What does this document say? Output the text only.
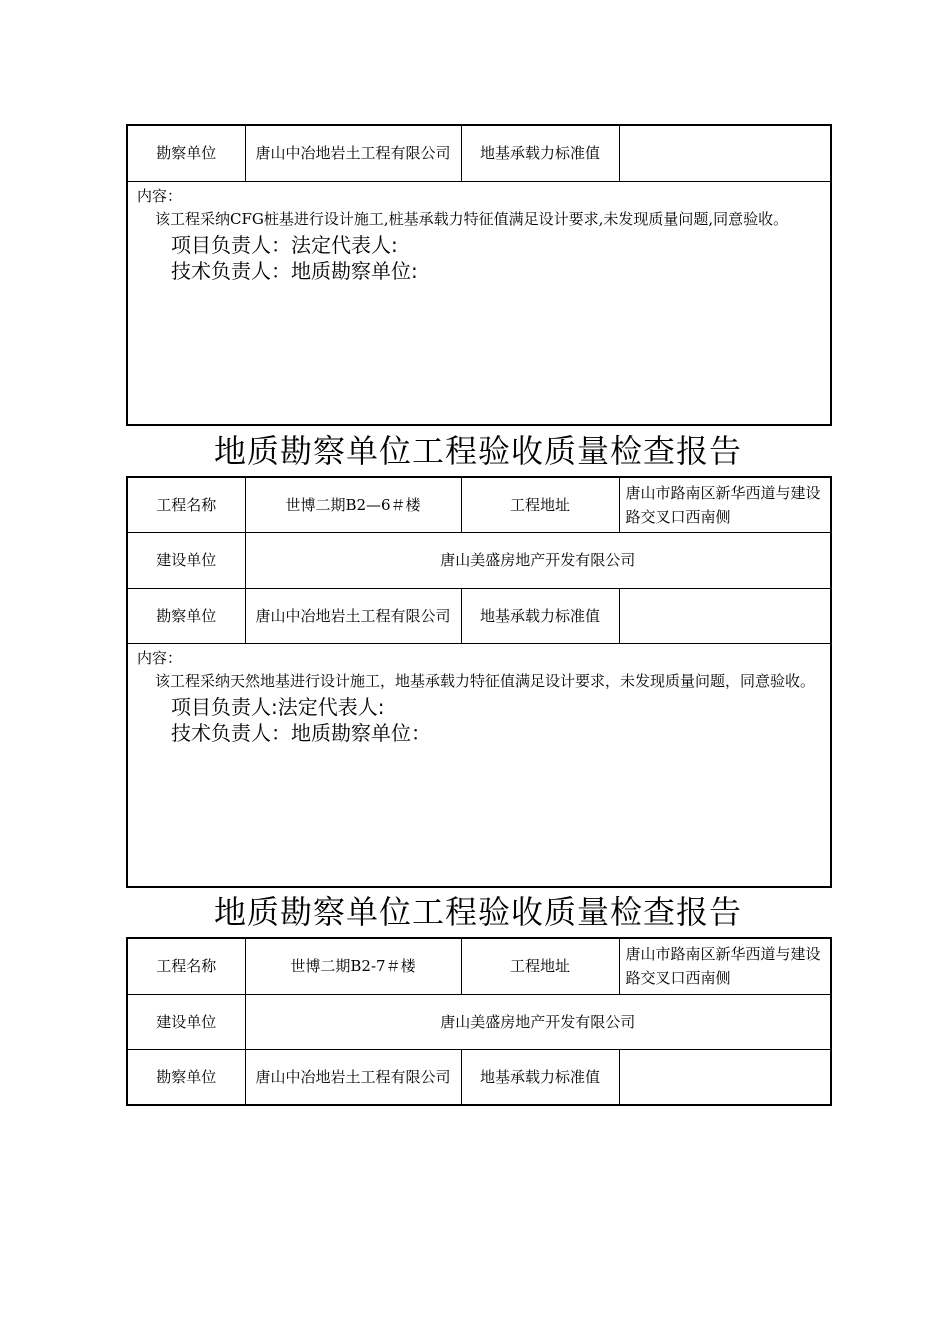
勘察单位	唐山中冶地岩土工程有限公司	地基承载力标准值	

内容：

该工程采纳CFG桩基进行设计施工,桩基承载力特征值满足设计要求,未发现质量问题,同意验收。

项目负责人：法定代表人:

技术负责人：地质勘察单位:

地质勘察单位工程验收质量检查报告
工程名称	世博二期B2—6＃楼	工程地址	唐山市路南区新华西道与建设路交叉口西南侧
建设单位	唐山美盛房地产开发有限公司		
勘察单位	唐山中冶地岩土工程有限公司	地基承载力标准值	

内容：

该工程采纳天然地基进行设计施工，地基承载力特征值满足设计要求，未发现质量问题，同意验收。

项目负责人:法定代表人:

技术负责人：地质勘察单位：			

地质勘察单位工程验收质量检查报告
工程名称	世博二期B2-7＃楼	工程地址	唐山市路南区新华西道与建设路交叉口西南侧
建设单位	唐山美盛房地产开发有限公司		
勘察单位	唐山中冶地岩土工程有限公司	地基承载力标准值	
